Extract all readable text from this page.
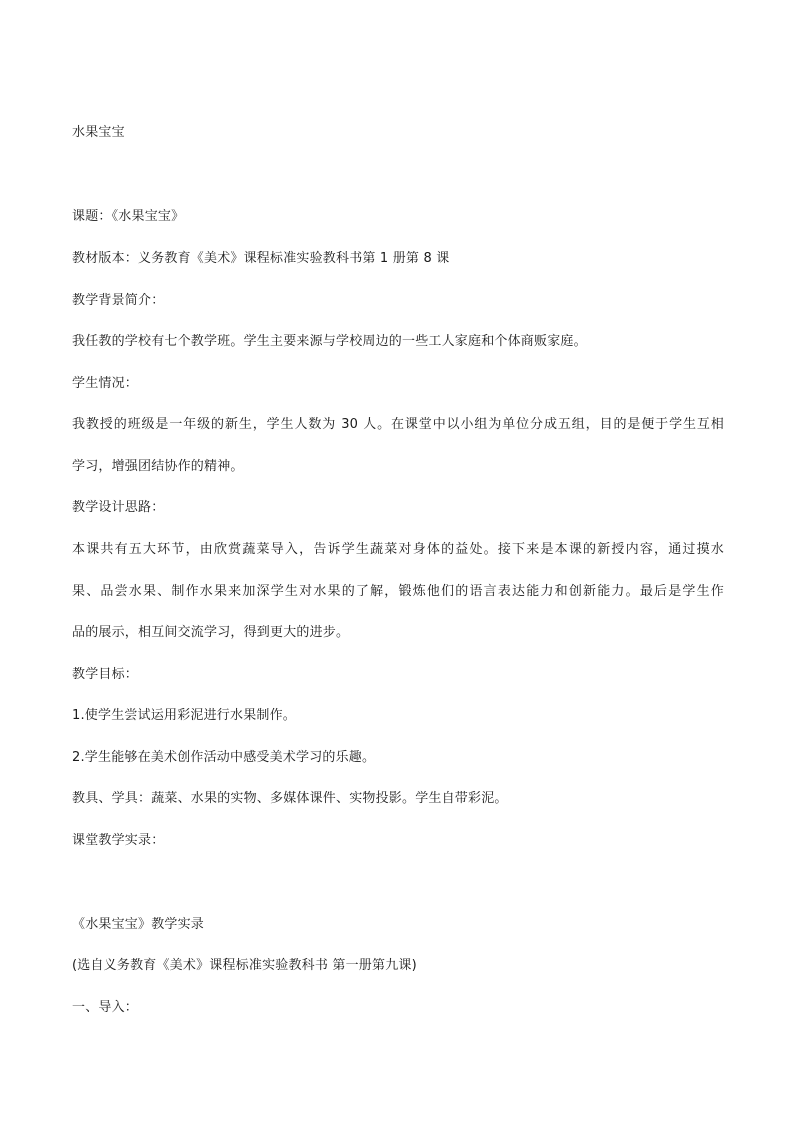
水果宝宝

课题：《水果宝宝》

教材版本：义务教育《美术》课程标准实验教科书第 1 册第 8 课

教学背景简介：

我任教的学校有七个教学班。学生主要来源与学校周边的一些工人家庭和个体商贩家庭。

学生情况：

我教授的班级是一年级的新生，学生人数为 30 人。在课堂中以小组为单位分成五组，目的是便于学生互相

学习，增强团结协作的精神。

教学设计思路：

本课共有五大环节，由欣赏蔬菜导入，告诉学生蔬菜对身体的益处。接下来是本课的新授内容，通过摸水

果、品尝水果、制作水果来加深学生对水果的了解，锻炼他们的语言表达能力和创新能力。最后是学生作

品的展示，相互间交流学习，得到更大的进步。

教学目标：

1.使学生尝试运用彩泥进行水果制作。

2.学生能够在美术创作活动中感受美术学习的乐趣。

教具、学具：蔬菜、水果的实物、多媒体课件、实物投影。学生自带彩泥。

课堂教学实录：

《水果宝宝》教学实录

(选自义务教育《美术》课程标准实验教科书 第一册第九课)

一、导入：
